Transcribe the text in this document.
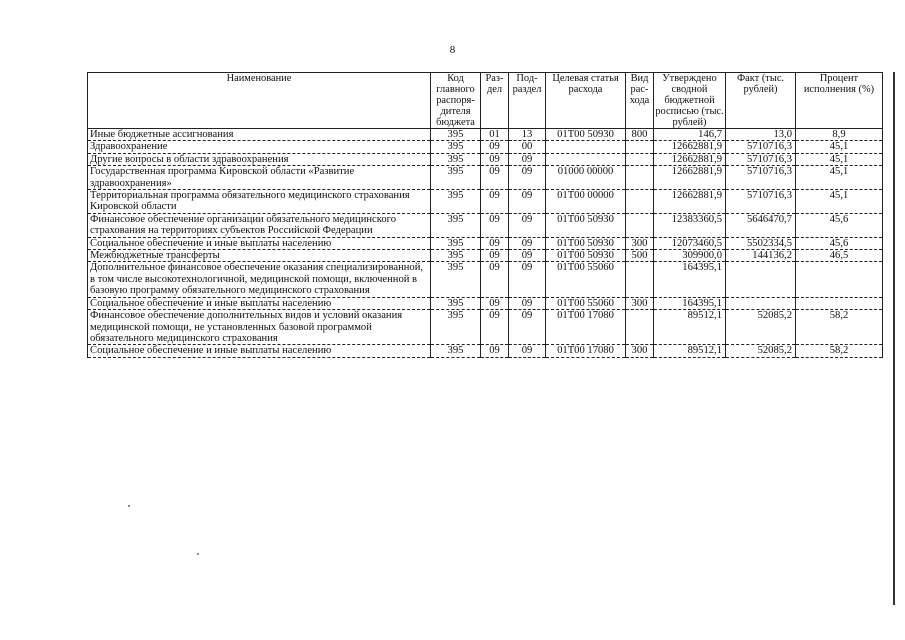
8
Наименование	Код главного распоря-дителя бюджета	Раз-дел	Под-раздел	Целевая статья расхода	Вид рас-хода	Утверждено сводной бюджетной росписью (тыс. рублей)	Факт (тыс. рублей)	Процент исполнения (%)
Иные бюджетные ассигнования	395	01	13	01Т00 50930	800	146,7	13,0	8,9
Здравоохранение	395	09	00			12662881,9	5710716,3	45,1
Другие вопросы в области здравоохранения	395	09	09			12662881,9	5710716,3	45,1
Государственная программа Кировской области «Развитие здравоохранения»	395	09	09	01000 00000		12662881,9	5710716,3	45,1
Территориальная программа обязательного медицинского страхования Кировской области	395	09	09	01Т00 00000		12662881,9	5710716,3	45,1
Финансовое обеспечение организации обязательного медицинского страхования на территориях субъектов Российской Федерации	395	09	09	01Т00 50930		12383360,5	5646470,7	45,6
Социальное обеспечение и иные выплаты населению	395	09	09	01Т00 50930	300	12073460,5	5502334,5	45,6
Межбюджетные трансферты	395	09	09	01Т00 50930	500	309900,0	144136,2	46,5
Дополнительное финансовое обеспечение оказания специализированной, в том числе высокотехнологичной, медицинской помощи, включенной в базовую программу обязательного медицинского страхования	395	09	09	01Т00 55060		164395,1		
Социальное обеспечение и иные выплаты населению	395	09	09	01Т00 55060	300	164395,1		
Финансовое обеспечение дополнительных видов и условий оказания медицинской помощи, не установленных базовой программой обязательного медицинского страхования	395	09	09	01Т00 17080		89512,1	52085,2	58,2
Социальное обеспечение и иные выплаты населению	395	09	09	01Т00 17080	300	89512,1	52085,2	58,2
